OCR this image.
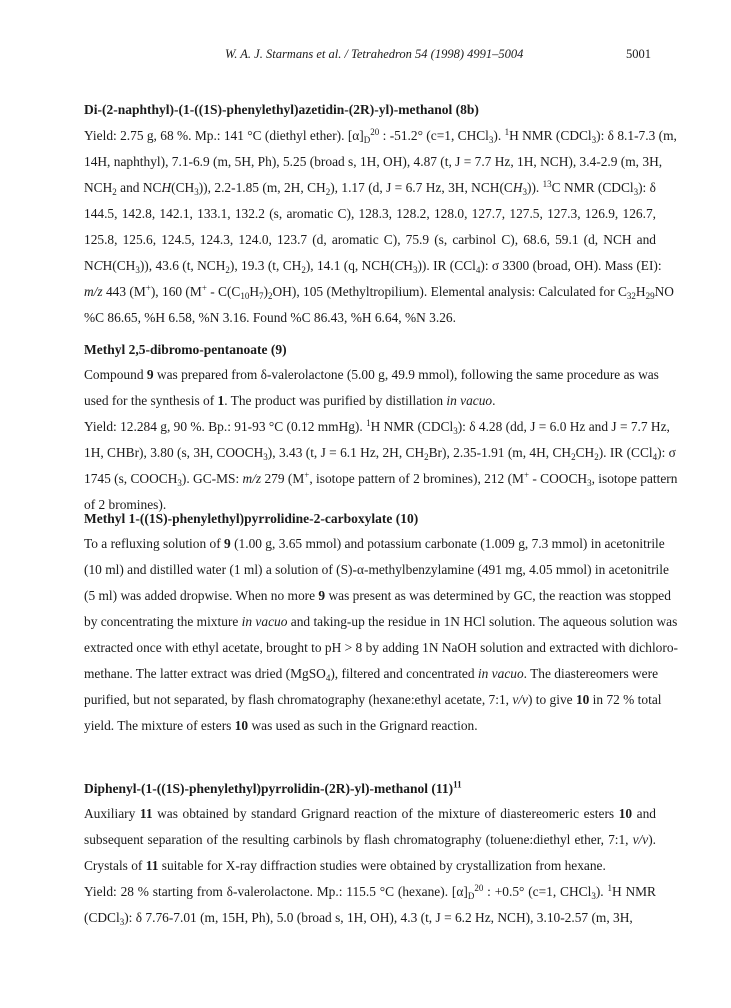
W. A. J. Starmans et al. / Tetrahedron 54 (1998) 4991–5004	5001
Di-(2-naphthyl)-(1-((1S)-phenylethyl)azetidin-(2R)-yl)-methanol (8b)
Yield: 2.75 g, 68 %. Mp.: 141 °C (diethyl ether). $[\alpha]_D^{20}$ : -51.2° (c=1, CHCl$_3$). $^1$H NMR (CDCl$_3$): δ 8.1-7.3 (m,
14H, naphthyl), 7.1-6.9 (m, 5H, Ph), 5.25 (broad s, 1H, OH), 4.87 (t, J = 7.7 Hz, 1H, NCH), 3.4-2.9 (m, 3H,
$NCH_2$ and $NCH(CH_3)$), 2.2-1.85 (m, 2H, $CH_2$), 1.17 (d, J = 6.7 Hz, 3H, $NCH(CH_3)$). $^{13}$C NMR (CDCl$_3$): δ
144.5, 142.8, 142.1, 133.1, 132.2 (s, aromatic C), 128.3, 128.2, 128.0, 127.7, 127.5, 127.3, 126.9, 126.7,
125.8, 125.6, 124.5, 124.3, 124.0, 123.7 (d, aromatic C), 75.9 (s, carbinol C), 68.6, 59.1 (d, NCH and
$NCH(CH_3)$), 43.6 (t, $NCH_2$), 19.3 (t, $CH_2$), 14.1 (q, $NCH(CH_3)$). IR (CCl$_4$): σ 3300 (broad, OH). Mass (EI):
m/z 443 (M+), 160 $(M^+ - C(C_{10}H_7)_2OH)$, 105 (Methyltropilium). Elemental analysis: Calculated for $C_{32}H_{29}NO$
%C 86.65, %H 6.58, %N 3.16. Found %C 86.43, %H 6.64, %N 3.26.
Methyl 2,5-dibromo-pentanoate (9)
Compound 9 was prepared from δ-valerolactone (5.00 g, 49.9 mmol), following the same procedure as was
used for the synthesis of 1. The product was purified by distillation in vacuo.
Yield: 12.284 g, 90 %. Bp.: 91-93 °C (0.12 mmHg). $^1$H NMR (CDCl$_3$): δ 4.28 (dd, J = 6.0 Hz and J = 7.7 Hz,
1H, CHBr), 3.80 (s, 3H, $COOCH_3$), 3.43 (t, J = 6.1 Hz, 2H, $CH_2Br$), 2.35-1.91 (m, 4H, $CH_2CH_2$). IR (CCl$_4$): σ
1745 (s, $COOCH_3$). GC-MS: m/z 279 (M+, isotope pattern of 2 bromines), 212 ($M^+ - COOCH_3$, isotope pattern
of 2 bromines).
Methyl 1-((1S)-phenylethyl)pyrrolidine-2-carboxylate (10)
To a refluxing solution of 9 (1.00 g, 3.65 mmol) and potassium carbonate (1.009 g, 7.3 mmol) in acetonitrile
(10 ml) and distilled water (1 ml) a solution of (S)-α-methylbenzylamine (491 mg, 4.05 mmol) in acetonitrile
(5 ml) was added dropwise. When no more 9 was present as was determined by GC, the reaction was stopped
by concentrating the mixture in vacuo and taking-up the residue in 1N HCl solution. The aqueous solution was
extracted once with ethyl acetate, brought to pH > 8 by adding 1N NaOH solution and extracted with dichloro-
methane. The latter extract was dried (MgSO$_4$), filtered and concentrated in vacuo. The diastereomers were
purified, but not separated, by flash chromatography (hexane:ethyl acetate, 7:1, v/v) to give 10 in 72 % total
yield. The mixture of esters 10 was used as such in the Grignard reaction.
Diphenyl-(1-((1S)-phenylethyl)pyrrolidin-(2R)-yl)-methanol (11)$^{11}$
Auxiliary 11 was obtained by standard Grignard reaction of the mixture of diastereomeric esters 10 and
subsequent separation of the resulting carbinols by flash chromatography (toluene:diethyl ether, 7:1, v/v).
Crystals of 11 suitable for X-ray diffraction studies were obtained by crystallization from hexane.
Yield: 28 % starting from δ-valerolactone. Mp.: 115.5 °C (hexane). $[\alpha]_D^{20}$ : +0.5° (c=1, CHCl$_3$). $^1$H NMR
(CDCl$_3$): δ 7.76-7.01 (m, 15H, Ph), 5.0 (broad s, 1H, OH), 4.3 (t, J = 6.2 Hz, NCH), 3.10-2.57 (m, 3H,
